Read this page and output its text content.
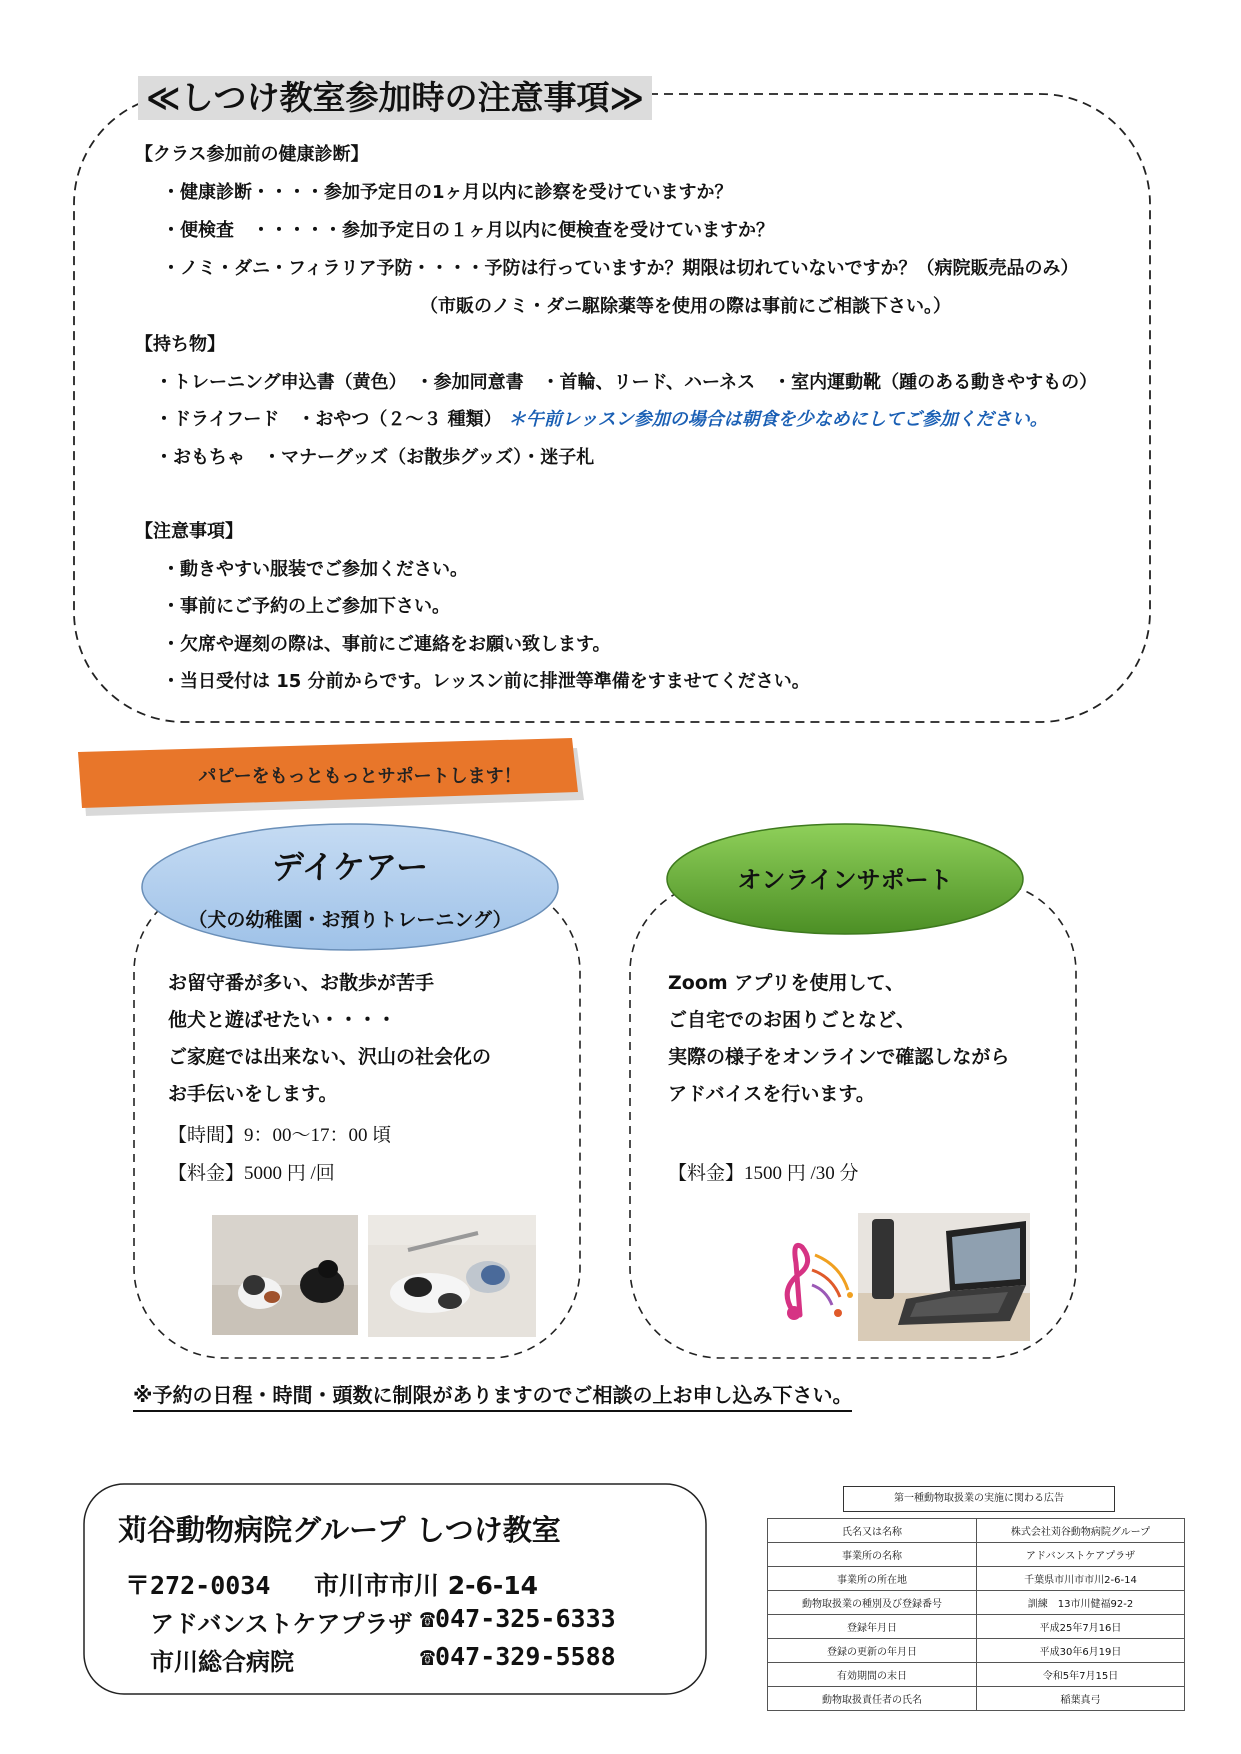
≪しつけ教室参加時の注意事項≫
【クラス参加前の健康診断】
・健康診断・・・・参加予定日の1ヶ月以内に診察を受けていますか？
・便検査　・・・・・参加予定日の１ヶ月以内に便検査を受けていますか？
・ノミ・ダニ・フィラリア予防・・・・予防は行っていますか？期限は切れていないですか？（病院販売品のみ）
（市販のノミ・ダニ駆除薬等を使用の際は事前にご相談下さい。）
【持ち物】
・トレーニング申込書（黄色）　・参加同意書　・首輪、リード、ハーネス　・室内運動靴（踵のある動きやすもの）
・ドライフード　・おやつ（２～３ 種類） ＊午前レッスン参加の場合は朝食を少なめにしてご参加ください。
・おもちゃ　・マナーグッズ（お散歩グッズ）・迷子札
【注意事項】
・動きやすい服装でご参加ください。
・事前にご予約の上ご参加下さい。
・欠席や遅刻の際は、事前にご連絡をお願い致します。
・当日受付は 15 分前からです。レッスン前に排泄等準備をすませてください。
パピーをもっともっとサポートします！
デイケアー
（犬の幼稚園・お預りトレーニング）
お留守番が多い、お散歩が苦手
他犬と遊ばせたい・・・・
ご家庭では出来ない、沢山の社会化の
お手伝いをします。
【時間】9：00～17：00 頃
【料金】5000 円 /回
オンラインサポート
Zoom アプリを使用して、
ご自宅でのお困りごとなど、
実際の様子をオンラインで確認しながら
アドバイスを行います。
【料金】1500 円 /30 分
※予約の日程・時間・頭数に制限がありますのでご相談の上お申し込み下さい。
苅谷動物病院グループ しつけ教室
〒272-0034 市川市市川 2-6-14
アドバンストケアプラザ ☎047-325-6333
市川総合病院	☎047-329-5588
第一種動物取扱業の実施に関わる広告
氏名又は名称	株式会社苅谷動物病院グループ
事業所の名称	アドバンストケアプラザ
事業所の所在地	千葉県市川市市川2-6-14
動物取扱業の種別及び登録番号	訓練　13市川健福92-2
登録年月日	平成25年7月16日
登録の更新の年月日	平成30年6月19日
有効期間の末日	令和5年7月15日
動物取扱責任者の氏名	稲葉真弓
